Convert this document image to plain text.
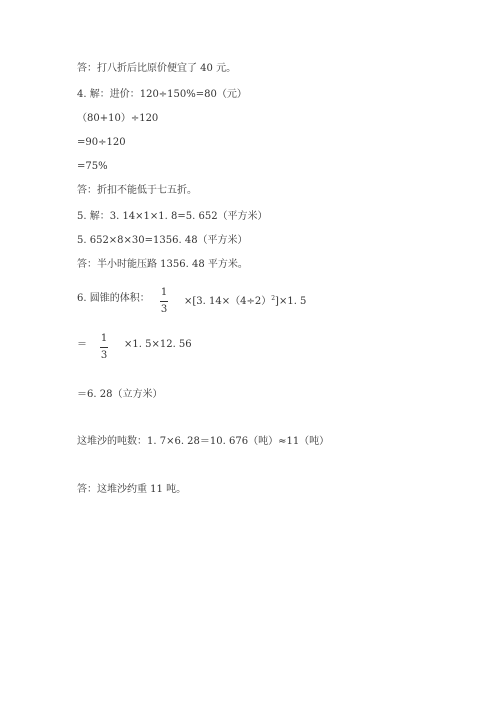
答：打八折后比原价便宜了 40 元。
4. 解：进价：120÷150%=80（元）
（80+10）÷120
=90÷120
=75%
答：折扣不能低于七五折。
5. 解：3. 14×1×1. 8=5. 652（平方米）
5. 652×8×30=1356. 48（平方米）
答：半小时能压路 1356. 48 平方米。
6. 圆锥的体积：
1
3
×[3. $14\times(4\div 2)^2]\times 1$. 5
＝
1
3
×1. 5×12. 56
＝6. 28（立方米）
这堆沙的吨数：1. 7×6. 28＝10. 676（吨）≈11（吨）
答：这堆沙约重 11 吨。
